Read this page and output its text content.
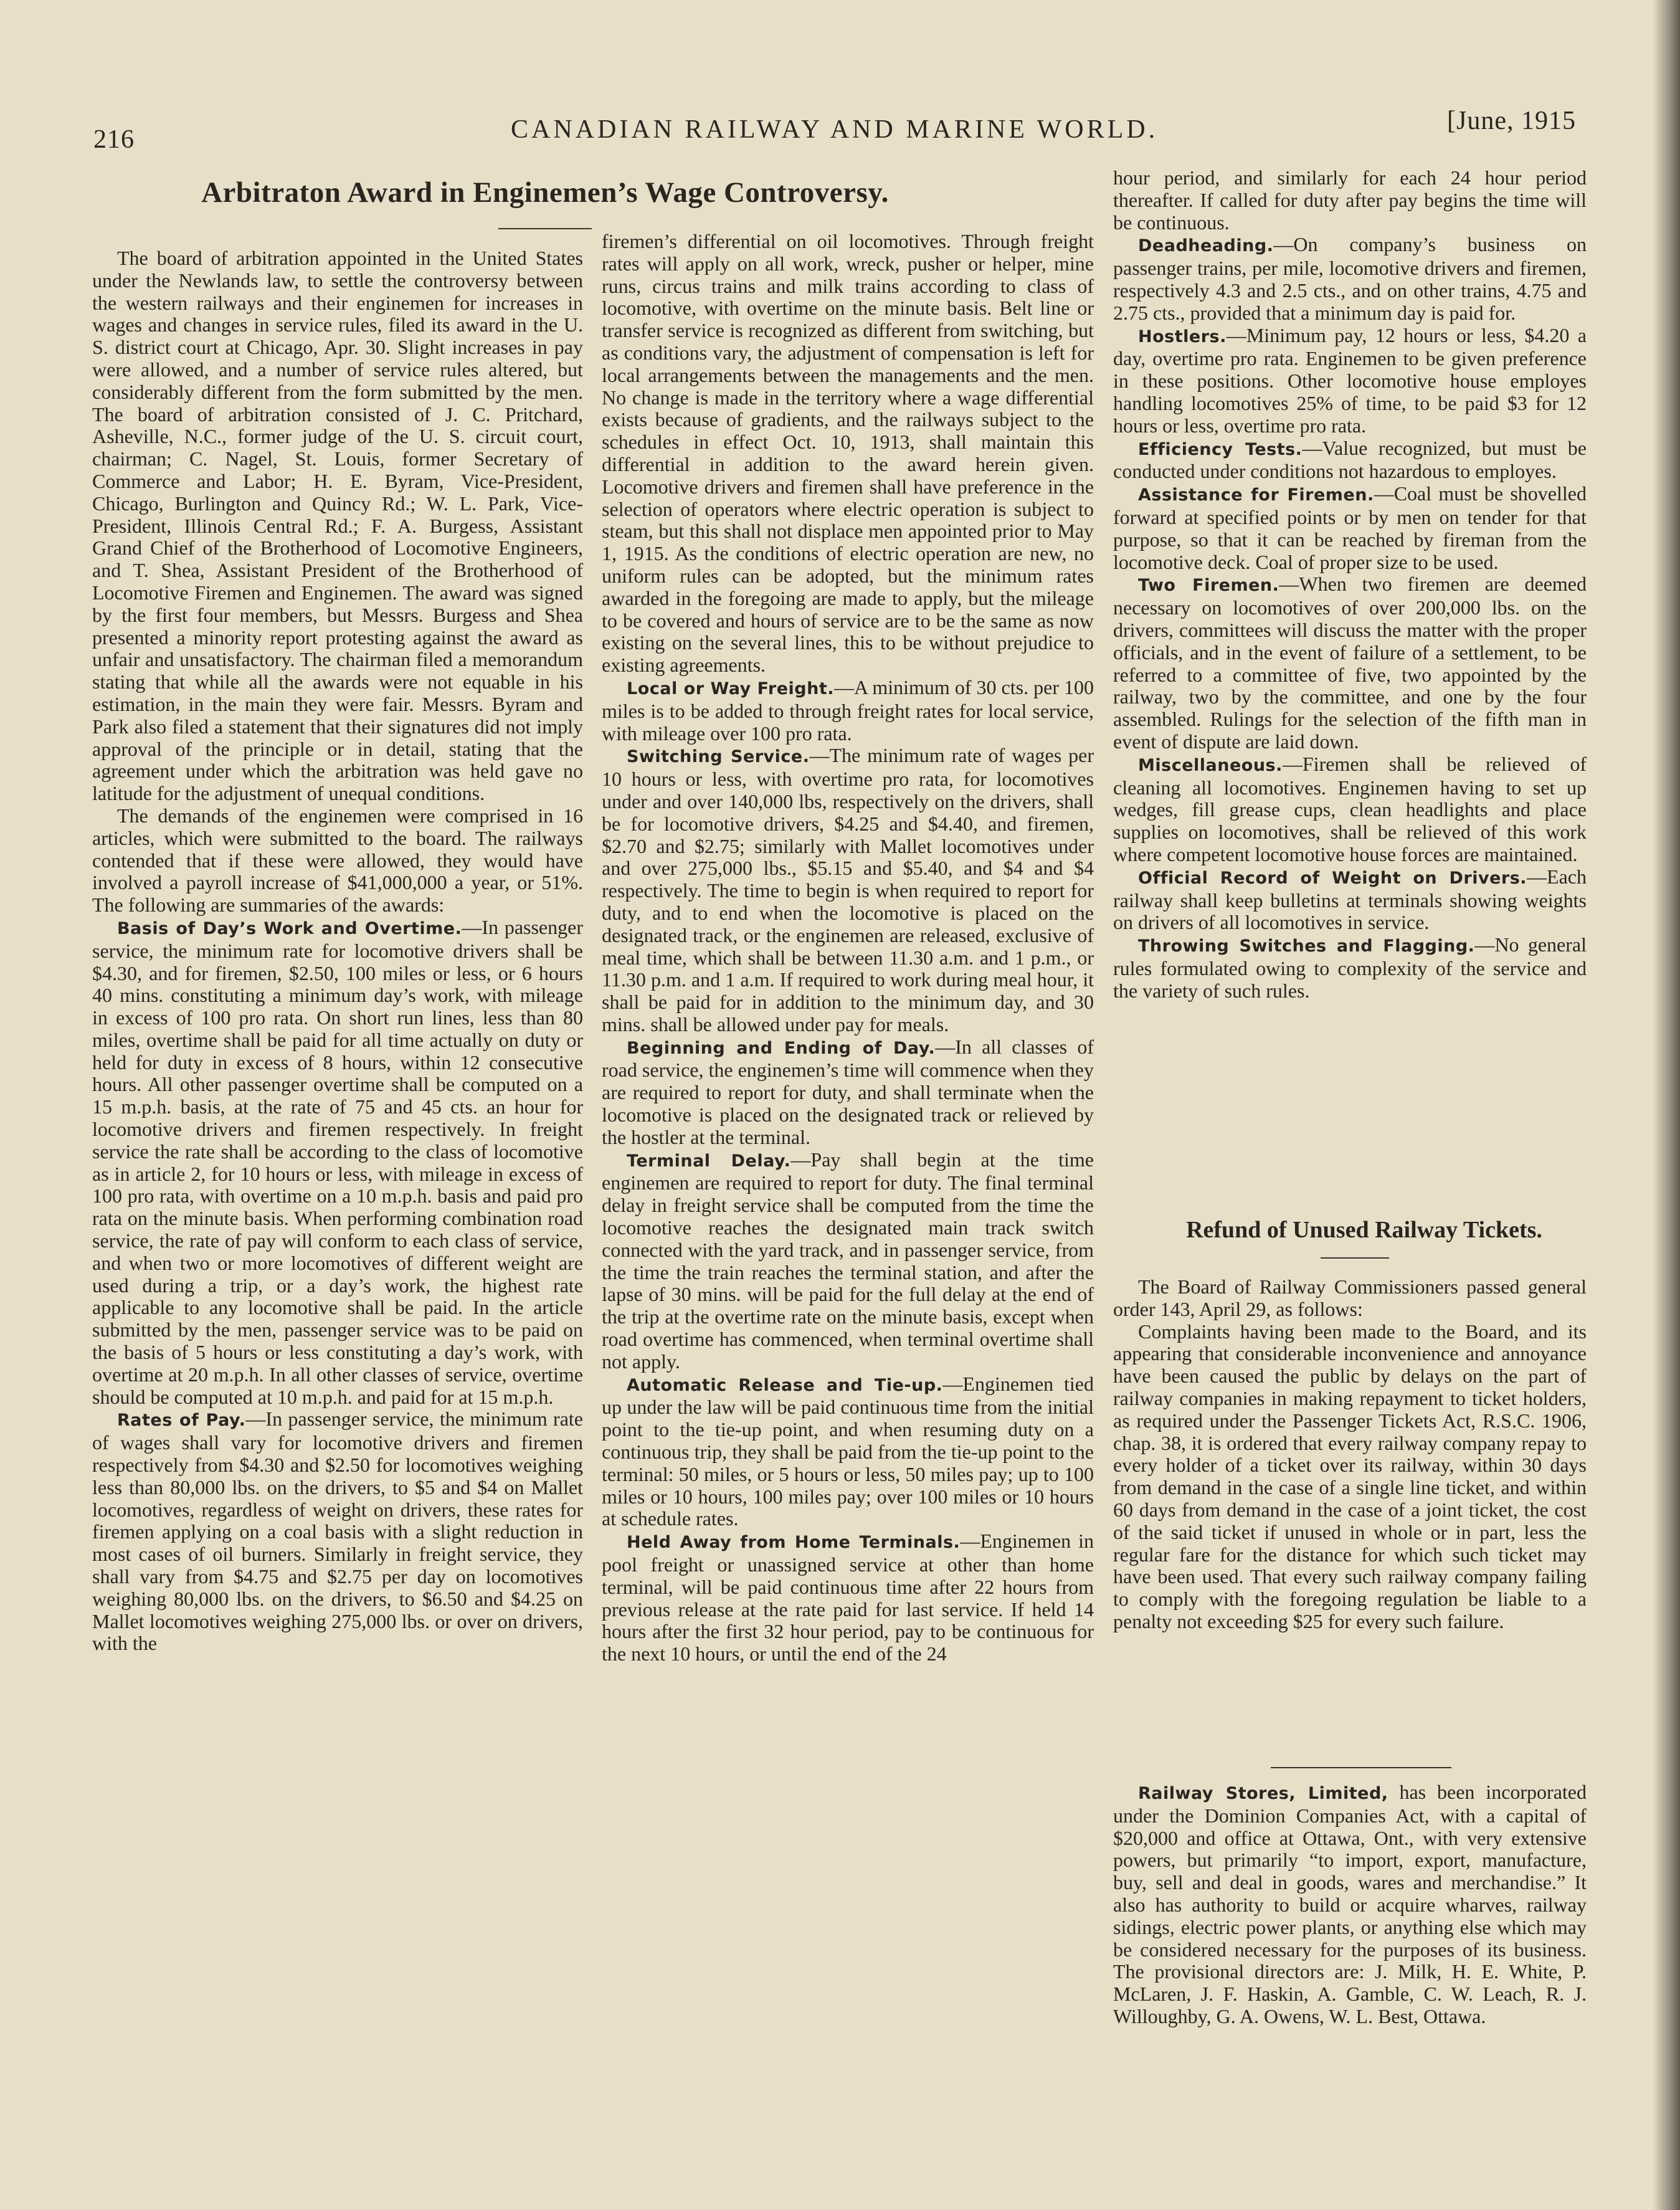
216	CANADIAN RAILWAY AND MARINE WORLD.	[June, 1915
Arbitraton Award in Enginemen’s Wage Controversy.

The board of arbitration appointed in the United States under the Newlands law, to settle the controversy between the western railways and their enginemen for increases in wages and changes in service rules, filed its award in the U. S. district court at Chicago, Apr. 30. Slight increases in pay were allowed, and a number of service rules altered, but considerably different from the form submitted by the men. The board of arbitration consisted of J. C. Pritchard, Asheville, N.C., former judge of the U. S. circuit court, chairman; C. Nagel, St. Louis, former Secretary of Commerce and Labor; H. E. Byram, Vice-President, Chicago, Burlington and Quincy Rd.; W. L. Park, Vice-President, Illinois Central Rd.; F. A. Burgess, Assistant Grand Chief of the Brotherhood of Locomotive Engineers, and T. Shea, Assistant President of the Brotherhood of Locomotive Firemen and Enginemen. The award was signed by the first four members, but Messrs. Burgess and Shea presented a minority report protesting against the award as unfair and unsatisfactory. The chairman filed a memorandum stating that while all the awards were not equable in his estimation, in the main they were fair. Messrs. Byram and Park also filed a statement that their signatures did not imply approval of the principle or in detail, stating that the agreement under which the arbitration was held gave no latitude for the adjustment of unequal conditions.

The demands of the enginemen were comprised in 16 articles, which were submitted to the board. The railways contended that if these were allowed, they would have involved a payroll increase of $41,000,000 a year, or 51%. The following are summaries of the awards:

Basis of Day’s Work and Overtime.—In passenger service, the minimum rate for locomotive drivers shall be $4.30, and for firemen, $2.50, 100 miles or less, or 6 hours 40 mins. constituting a minimum day’s work, with mileage in excess of 100 pro rata. On short run lines, less than 80 miles, overtime shall be paid for all time actually on duty or held for duty in excess of 8 hours, within 12 consecutive hours. All other passenger overtime shall be computed on a 15 m.p.h. basis, at the rate of 75 and 45 cts. an hour for locomotive drivers and firemen respectively. In freight service the rate shall be according to the class of locomotive as in article 2, for 10 hours or less, with mileage in excess of 100 pro rata, with overtime on a 10 m.p.h. basis and paid pro rata on the minute basis. When performing combination road service, the rate of pay will conform to each class of service, and when two or more locomotives of different weight are used during a trip, or a day’s work, the highest rate applicable to any locomotive shall be paid. In the article submitted by the men, passenger service was to be paid on the basis of 5 hours or less constituting a day’s work, with overtime at 20 m.p.h. In all other classes of service, overtime should be computed at 10 m.p.h. and paid for at 15 m.p.h.

Rates of Pay.—In passenger service, the minimum rate of wages shall vary for locomotive drivers and firemen respectively from $4.30 and $2.50 for locomotives weighing less than 80,000 lbs. on the drivers, to $5 and $4 on Mallet locomotives, regardless of weight on drivers, these rates for firemen applying on a coal basis with a slight reduction in most cases of oil burners. Similarly in freight service, they shall vary from $4.75 and $2.75 per day on locomotives weighing 80,000 lbs. on the drivers, to $6.50 and $4.25 on Mallet locomotives weighing 275,000 lbs. or over on drivers, with the

firemen’s differential on oil locomotives. Through freight rates will apply on all work, wreck, pusher or helper, mine runs, circus trains and milk trains according to class of locomotive, with overtime on the minute basis. Belt line or transfer service is recognized as different from switching, but as conditions vary, the adjustment of compensation is left for local arrangements between the managements and the men. No change is made in the territory where a wage differential exists because of gradients, and the railways subject to the schedules in effect Oct. 10, 1913, shall maintain this differential in addition to the award herein given. Locomotive drivers and firemen shall have preference in the selection of operators where electric operation is subject to steam, but this shall not displace men appointed prior to May 1, 1915. As the conditions of electric operation are new, no uniform rules can be adopted, but the minimum rates awarded in the foregoing are made to apply, but the mileage to be covered and hours of service are to be the same as now existing on the several lines, this to be without prejudice to existing agreements.

Local or Way Freight.—A minimum of 30 cts. per 100 miles is to be added to through freight rates for local service, with mileage over 100 pro rata.

Switching Service.—The minimum rate of wages per 10 hours or less, with overtime pro rata, for locomotives under and over 140,000 lbs, respectively on the drivers, shall be for locomotive drivers, $4.25 and $4.40, and firemen, $2.70 and $2.75; similarly with Mallet locomotives under and over 275,000 lbs., $5.15 and $5.40, and $4 and $4 respectively. The time to begin is when required to report for duty, and to end when the locomotive is placed on the designated track, or the enginemen are released, exclusive of meal time, which shall be between 11.30 a.m. and 1 p.m., or 11.30 p.m. and 1 a.m. If required to work during meal hour, it shall be paid for in addition to the minimum day, and 30 mins. shall be allowed under pay for meals.

Beginning and Ending of Day.—In all classes of road service, the enginemen’s time will commence when they are required to report for duty, and shall terminate when the locomotive is placed on the designated track or relieved by the hostler at the terminal.

Terminal Delay.—Pay shall begin at the time enginemen are required to report for duty. The final terminal delay in freight service shall be computed from the time the locomotive reaches the designated main track switch connected with the yard track, and in passenger service, from the time the train reaches the terminal station, and after the lapse of 30 mins. will be paid for the full delay at the end of the trip at the overtime rate on the minute basis, except when road overtime has commenced, when terminal overtime shall not apply.

Automatic Release and Tie-up.—Enginemen tied up under the law will be paid continuous time from the initial point to the tie-up point, and when resuming duty on a continuous trip, they shall be paid from the tie-up point to the terminal: 50 miles, or 5 hours or less, 50 miles pay; up to 100 miles or 10 hours, 100 miles pay; over 100 miles or 10 hours at schedule rates.

Held Away from Home Terminals.—Enginemen in pool freight or unassigned service at other than home terminal, will be paid continuous time after 22 hours from previous release at the rate paid for last service. If held 14 hours after the first 32 hour period, pay to be continuous for the next 10 hours, or until the end of the 24

hour period, and similarly for each 24 hour period thereafter. If called for duty after pay begins the time will be continuous.

Deadheading.—On company’s business on passenger trains, per mile, locomotive drivers and firemen, respectively 4.3 and 2.5 cts., and on other trains, 4.75 and 2.75 cts., provided that a minimum day is paid for.

Hostlers.—Minimum pay, 12 hours or less, $4.20 a day, overtime pro rata. Enginemen to be given preference in these positions. Other locomotive house employes handling locomotives 25% of time, to be paid $3 for 12 hours or less, overtime pro rata.

Efficiency Tests.—Value recognized, but must be conducted under conditions not hazardous to employes.

Assistance for Firemen.—Coal must be shovelled forward at specified points or by men on tender for that purpose, so that it can be reached by fireman from the locomotive deck. Coal of proper size to be used.

Two Firemen.—When two firemen are deemed necessary on locomotives of over 200,000 lbs. on the drivers, committees will discuss the matter with the proper officials, and in the event of failure of a settlement, to be referred to a committee of five, two appointed by the railway, two by the committee, and one by the four assembled. Rulings for the selection of the fifth man in event of dispute are laid down.

Miscellaneous.—Firemen shall be relieved of cleaning all locomotives. Enginemen having to set up wedges, fill grease cups, clean headlights and place supplies on locomotives, shall be relieved of this work where competent locomotive house forces are maintained.

Official Record of Weight on Drivers.—Each railway shall keep bulletins at terminals showing weights on drivers of all locomotives in service.

Throwing Switches and Flagging.—No general rules formulated owing to complexity of the service and the variety of such rules.

Refund of Unused Railway Tickets.

The Board of Railway Commissioners passed general order 143, April 29, as follows:

Complaints having been made to the Board, and its appearing that considerable inconvenience and annoyance have been caused the public by delays on the part of railway companies in making repayment to ticket holders, as required under the Passenger Tickets Act, R.S.C. 1906, chap. 38, it is ordered that every railway company repay to every holder of a ticket over its railway, within 30 days from demand in the case of a single line ticket, and within 60 days from demand in the case of a joint ticket, the cost of the said ticket if unused in whole or in part, less the regular fare for the distance for which such ticket may have been used. That every such railway company failing to comply with the foregoing regulation be liable to a penalty not exceeding $25 for every such failure.

Railway Stores, Limited, has been incorporated under the Dominion Companies Act, with a capital of $20,000 and office at Ottawa, Ont., with very extensive powers, but primarily “to import, export, manufacture, buy, sell and deal in goods, wares and merchandise.” It also has authority to build or acquire wharves, railway sidings, electric power plants, or anything else which may be considered necessary for the purposes of its business. The provisional directors are: J. Milk, H. E. White, P. McLaren, J. F. Haskin, A. Gamble, C. W. Leach, R. J. Willoughby, G. A. Owens, W. L. Best, Ottawa.
